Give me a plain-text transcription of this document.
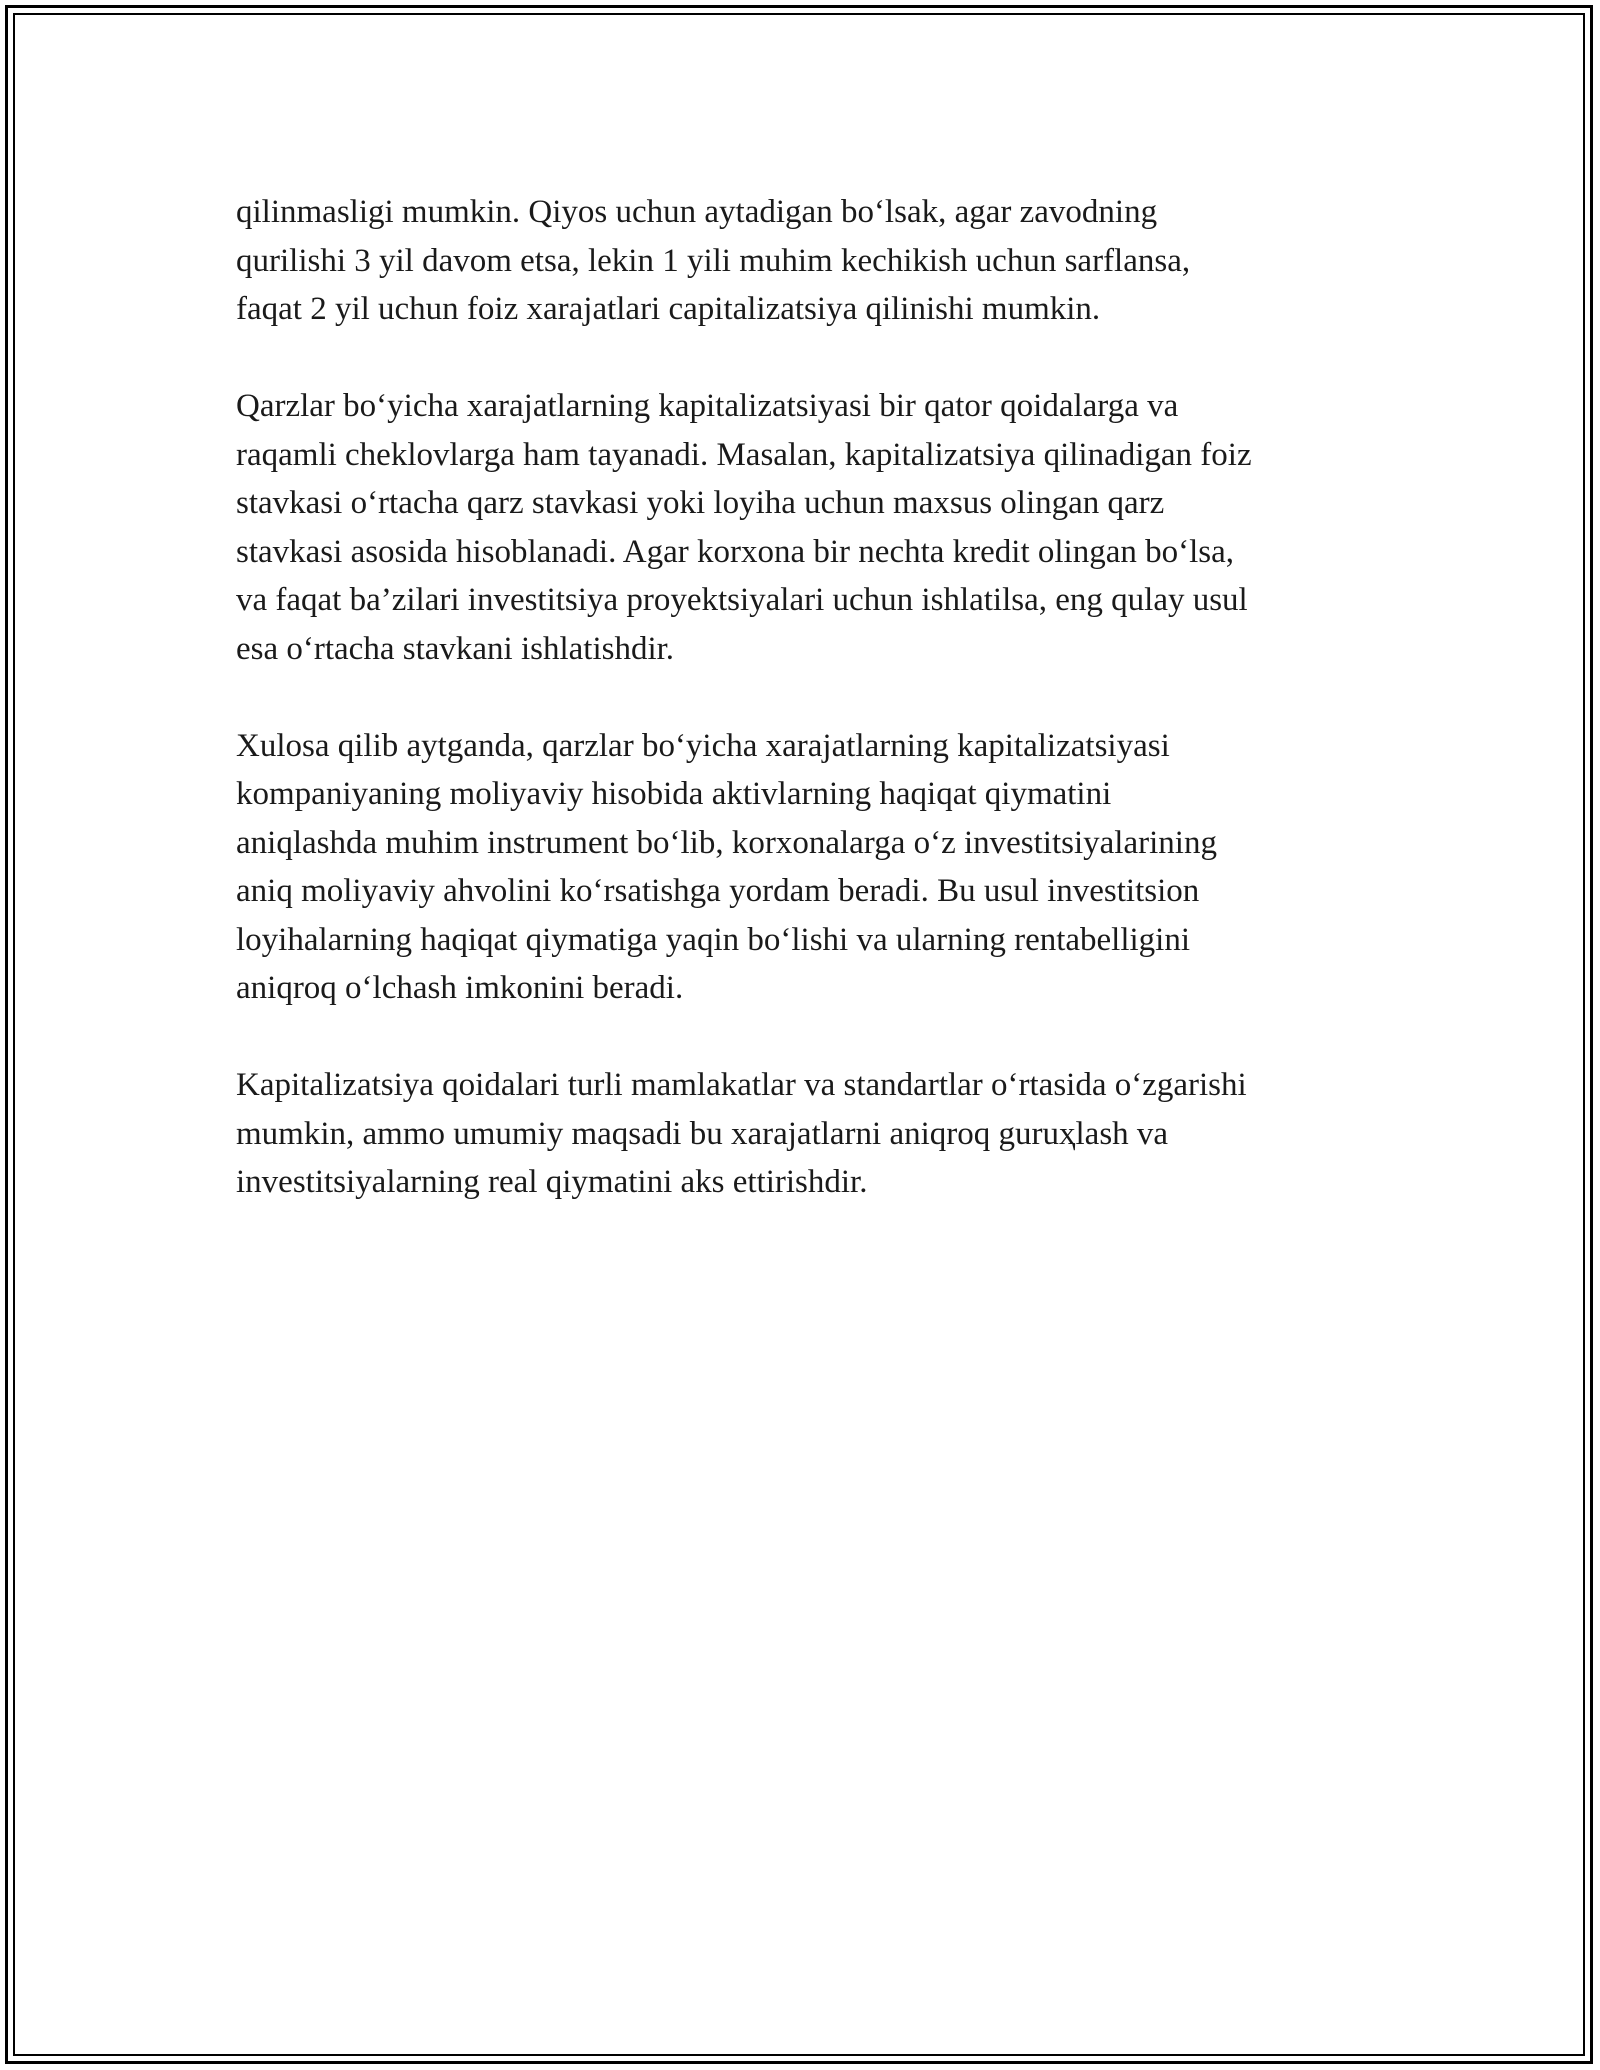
qilinmasligi mumkin. Qiyos uchun aytadigan bo‘lsak, agar zavodning
qurilishi 3 yil davom etsa, lekin 1 yili muhim kechikish uchun sarflansa,
faqat 2 yil uchun foiz xarajatlari capitalizatsiya qilinishi mumkin.

Qarzlar bo‘yicha xarajatlarning kapitalizatsiyasi bir qator qoidalarga va
raqamli cheklovlarga ham tayanadi. Masalan, kapitalizatsiya qilinadigan foiz
stavkasi o‘rtacha qarz stavkasi yoki loyiha uchun maxsus olingan qarz
stavkasi asosida hisoblanadi. Agar korxona bir nechta kredit olingan bo‘lsa,
va faqat ba’zilari investitsiya proyektsiyalari uchun ishlatilsa, eng qulay usul
esa o‘rtacha stavkani ishlatishdir.

Xulosa qilib aytganda, qarzlar bo‘yicha xarajatlarning kapitalizatsiyasi
kompaniyaning moliyaviy hisobida aktivlarning haqiqat qiymatini
aniqlashda muhim instrument bo‘lib, korxonalarga o‘z investitsiyalarining
aniq moliyaviy ahvolini ko‘rsatishga yordam beradi. Bu usul investitsion
loyihalarning haqiqat qiymatiga yaqin bo‘lishi va ularning rentabelligini
aniqroq o‘lchash imkonini beradi.

Kapitalizatsiya qoidalari turli mamlakatlar va standartlar o‘rtasida o‘zgarishi
mumkin, ammo umumiy maqsadi bu xarajatlarni aniqroq guruҳlash va
investitsiyalarning real qiymatini aks ettirishdir.
